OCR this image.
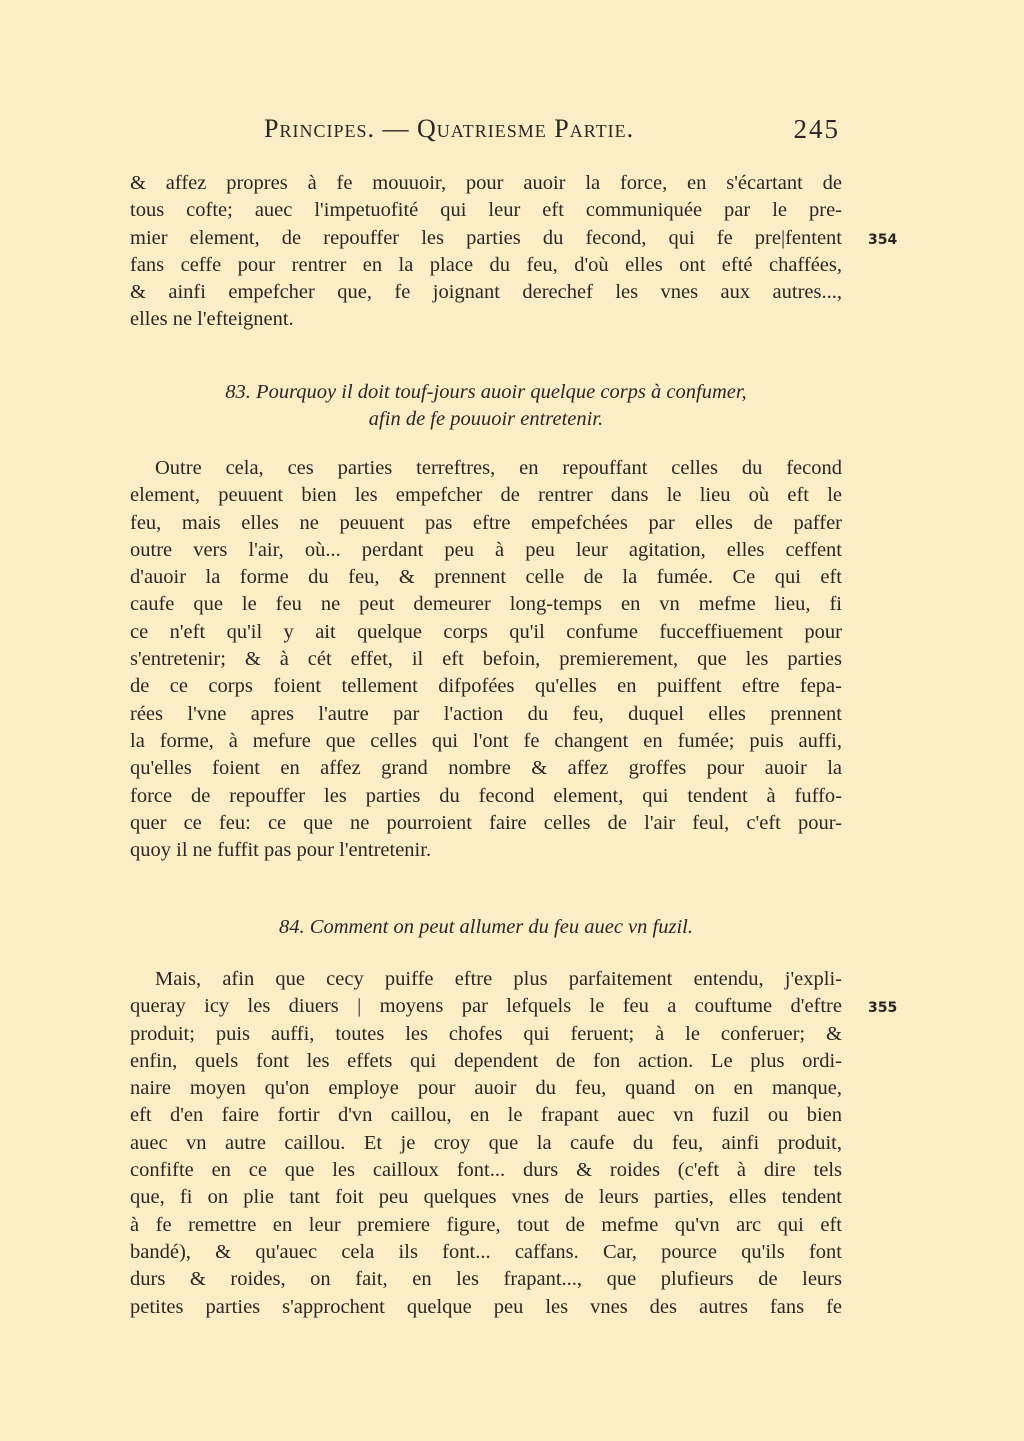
Principes. — Quatriesme Partie.	245
& affez propres à fe mouuoir, pour auoir la force, en s'écartant de
tous cofte; auec l'impetuofité qui leur eft communiquée par le pre-
mier element, de repouffer les parties du fecond, qui fe pre|fentent
fans ceffe pour rentrer en la place du feu, d'où elles ont efté chaffées,
& ainfi empefcher que, fe joignant derechef les vnes aux autres...,
elles ne l'efteignent.
354
83. Pourquoy il doit touf-jours auoir quelque corps à confumer,
afin de fe pouuoir entretenir.
Outre cela, ces parties terreftres, en repouffant celles du fecond
element, peuuent bien les empefcher de rentrer dans le lieu où eft le
feu, mais elles ne peuuent pas eftre empefchées par elles de paffer
outre vers l'air, où... perdant peu à peu leur agitation, elles ceffent
d'auoir la forme du feu, & prennent celle de la fumée. Ce qui eft
caufe que le feu ne peut demeurer long-temps en vn mefme lieu, fi
ce n'eft qu'il y ait quelque corps qu'il confume fucceffiuement pour
s'entretenir; & à cét effet, il eft befoin, premierement, que les parties
de ce corps foient tellement difpofées qu'elles en puiffent eftre fepa-
rées l'vne apres l'autre par l'action du feu, duquel elles prennent
la forme, à mefure que celles qui l'ont fe changent en fumée; puis auffi,
qu'elles foient en affez grand nombre & affez groffes pour auoir la
force de repouffer les parties du fecond element, qui tendent à fuffo-
quer ce feu: ce que ne pourroient faire celles de l'air feul, c'eft pour-
quoy il ne fuffit pas pour l'entretenir.
84. Comment on peut allumer du feu auec vn fuzil.
Mais, afin que cecy puiffe eftre plus parfaitement entendu, j'expli-
queray icy les diuers | moyens par lefquels le feu a couftume d'eftre
produit; puis auffi, toutes les chofes qui feruent; à le conferuer; &
enfin, quels font les effets qui dependent de fon action. Le plus ordi-
naire moyen qu'on employe pour auoir du feu, quand on en manque,
eft d'en faire fortir d'vn caillou, en le frapant auec vn fuzil ou bien
auec vn autre caillou. Et je croy que la caufe du feu, ainfi produit,
confifte en ce que les cailloux font... durs & roides (c'eft à dire tels
que, fi on plie tant foit peu quelques vnes de leurs parties, elles tendent
à fe remettre en leur premiere figure, tout de mefme qu'vn arc qui eft
bandé), & qu'auec cela ils font... caffans. Car, pource qu'ils font
durs & roides, on fait, en les frapant..., que plufieurs de leurs
petites parties s'approchent quelque peu les vnes des autres fans fe
355
